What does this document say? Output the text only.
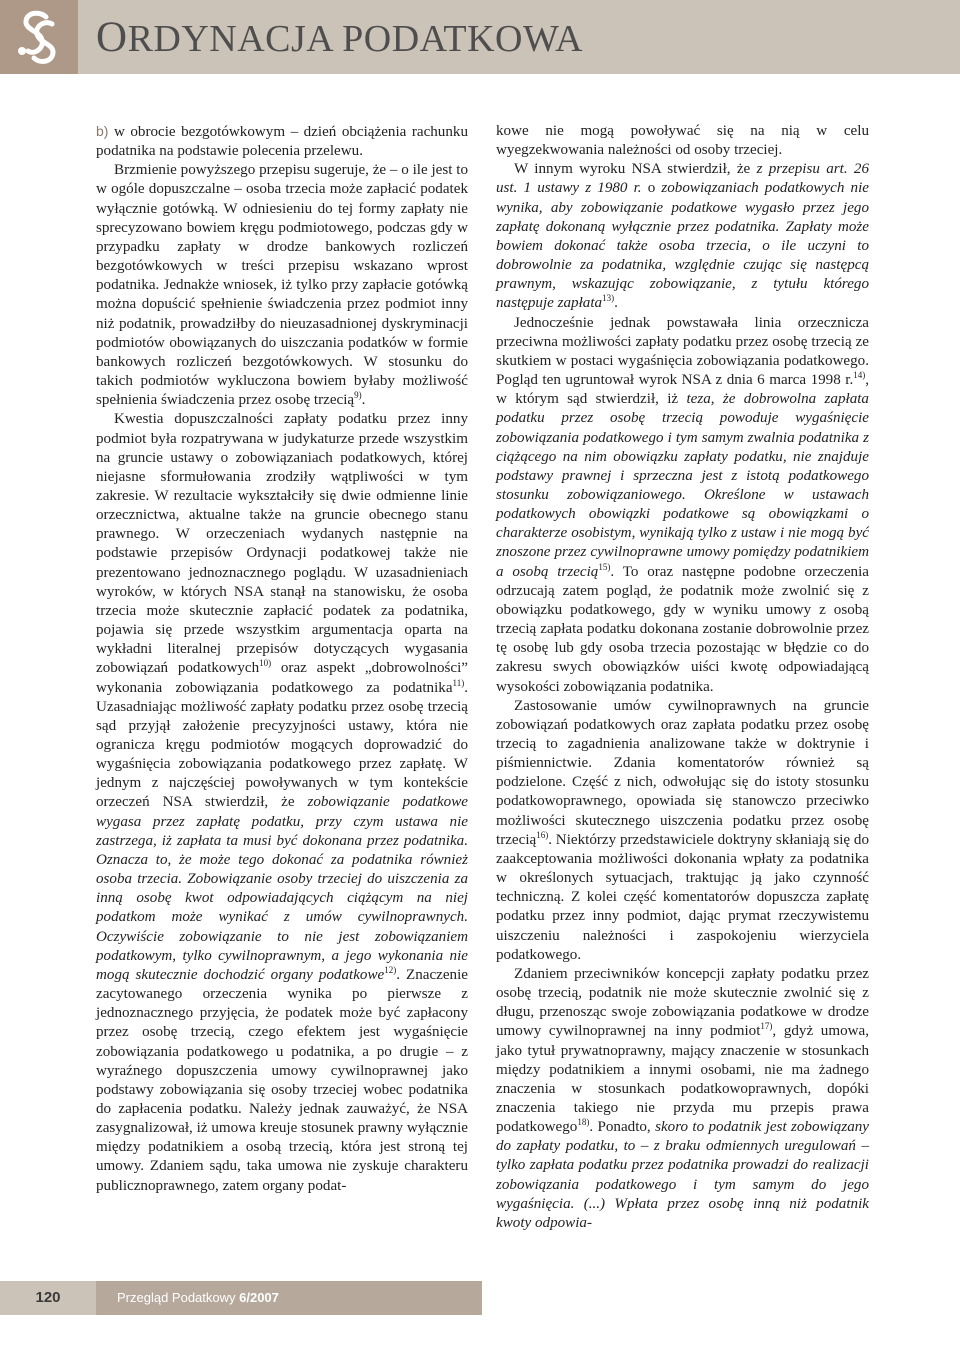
ORDYNACJA PODATKOWA

b) w obrocie bezgotówkowym – dzień obciążenia rachunku podatnika na podstawie polecenia przelewu.

Brzmienie powyższego przepisu sugeruje, że – o ile jest to w ogóle dopuszczalne – osoba trzecia może zapłacić podatek wyłącznie gotówką. W odniesieniu do tej formy zapłaty nie sprecyzowano bowiem kręgu podmiotowego, podczas gdy w przypadku zapłaty w drodze bankowych rozliczeń bezgotówkowych w treści przepisu wskazano wprost podatnika. Jednakże wniosek, iż tylko przy zapłacie gotówką można dopuścić spełnienie świadczenia przez podmiot inny niż podatnik, prowadziłby do nieuzasadnionej dyskryminacji podmiotów obowiązanych do uiszczania podatków w formie bankowych rozliczeń bezgotówkowych. W stosunku do takich podmiotów wykluczona bowiem byłaby możliwość spełnienia świadczenia przez osobę trzecią$^{9)}$.

Kwestia dopuszczalności zapłaty podatku przez inny podmiot była rozpatrywana w judykaturze przede wszystkim na gruncie ustawy o zobowiązaniach podatkowych, której niejasne sformułowania zrodziły wątpliwości w tym zakresie. W rezultacie wykształciły się dwie odmienne linie orzecznictwa, aktualne także na gruncie obecnego stanu prawnego. W orzeczeniach wydanych następnie na podstawie przepisów Ordynacji podatkowej także nie prezentowano jednoznacznego poglądu. W uzasadnieniach wyroków, w których NSA stanął na stanowisku, że osoba trzecia może skutecznie zapłacić podatek za podatnika, pojawia się przede wszystkim argumentacja oparta na wykładni literalnej przepisów dotyczących wygasania zobowiązań podatkowych$^{10)}$ oraz aspekt „dobrowolności” wykonania zobowiązania podatkowego za podatnika$^{11)}$. Uzasadniając możliwość zapłaty podatku przez osobę trzecią sąd przyjął założenie precyzyjności ustawy, która nie ogranicza kręgu podmiotów mogących doprowadzić do wygaśnięcia zobowiązania podatkowego przez zapłatę. W jednym z najczęściej powoływanych w tym kontekście orzeczeń NSA stwierdził, że zobowiązanie podatkowe wygasa przez zapłatę podatku, przy czym ustawa nie zastrzega, iż zapłata ta musi być dokonana przez podatnika. Oznacza to, że może tego dokonać za podatnika również osoba trzecia. Zobowiązanie osoby trzeciej do uiszczenia za inną osobę kwot odpowiadających ciążącym na niej podatkom może wynikać z umów cywilnoprawnych. Oczywiście zobowiązanie to nie jest zobowiązaniem podatkowym, tylko cywilnoprawnym, a jego wykonania nie mogą skutecznie dochodzić organy podatkowe$^{12)}$. Znaczenie zacytowanego orzeczenia wynika po pierwsze z jednoznacznego przyjęcia, że podatek może być zapłacony przez osobę trzecią, czego efektem jest wygaśnięcie zobowiązania podatkowego u podatnika, a po drugie – z wyraźnego dopuszczenia umowy cywilnoprawnej jako podstawy zobowiązania się osoby trzeciej wobec podatnika do zapłacenia podatku. Należy jednak zauważyć, że NSA zasygnalizował, iż umowa kreuje stosunek prawny wyłącznie między podatnikiem a osobą trzecią, która jest stroną tej umowy. Zdaniem sądu, taka umowa nie zyskuje charakteru publicznoprawnego, zatem organy podat-

kowe nie mogą powoływać się na nią w celu wyegzekwowania należności od osoby trzeciej.

W innym wyroku NSA stwierdził, że z przepisu art. 26 ust. 1 ustawy z 1980 r. o zobowiązaniach podatkowych nie wynika, aby zobowiązanie podatkowe wygasło przez jego zapłatę dokonaną wyłącznie przez podatnika. Zapłaty może bowiem dokonać także osoba trzecia, o ile uczyni to dobrowolnie za podatnika, względnie czując się następcą prawnym, wskazując zobowiązanie, z tytułu którego następuje zapłata$^{13)}$.

Jednocześnie jednak powstawała linia orzecznicza przeciwna możliwości zapłaty podatku przez osobę trzecią ze skutkiem w postaci wygaśnięcia zobowiązania podatkowego. Pogląd ten ugruntował wyrok NSA z dnia 6 marca 1998 r.$^{14)}$, w którym sąd stwierdził, iż teza, że dobrowolna zapłata podatku przez osobę trzecią powoduje wygaśnięcie zobowiązania podatkowego i tym samym zwalnia podatnika z ciążącego na nim obowiązku zapłaty podatku, nie znajduje podstawy prawnej i sprzeczna jest z istotą podatkowego stosunku zobowiązaniowego. Określone w ustawach podatkowych obowiązki podatkowe są obowiązkami o charakterze osobistym, wynikają tylko z ustaw i nie mogą być znoszone przez cywilnoprawne umowy pomiędzy podatnikiem a osobą trzecią$^{15)}$. To oraz następne podobne orzeczenia odrzucają zatem pogląd, że podatnik może zwolnić się z obowiązku podatkowego, gdy w wyniku umowy z osobą trzecią zapłata podatku dokonana zostanie dobrowolnie przez tę osobę lub gdy osoba trzecia pozostając w błędzie co do zakresu swych obowiązków uiści kwotę odpowiadającą wysokości zobowiązania podatnika.

Zastosowanie umów cywilnoprawnych na gruncie zobowiązań podatkowych oraz zapłata podatku przez osobę trzecią to zagadnienia analizowane także w doktrynie i piśmiennictwie. Zdania komentatorów również są podzielone. Część z nich, odwołując się do istoty stosunku podatkowoprawnego, opowiada się stanowczo przeciwko możliwości skutecznego uiszczenia podatku przez osobę trzecią$^{16)}$. Niektórzy przedstawiciele doktryny skłaniają się do zaakceptowania możliwości dokonania wpłaty za podatnika w określonych sytuacjach, traktując ją jako czynność techniczną. Z kolei część komentatorów dopuszcza zapłatę podatku przez inny podmiot, dając prymat rzeczywistemu uiszczeniu należności i zaspokojeniu wierzyciela podatkowego.

Zdaniem przeciwników koncepcji zapłaty podatku przez osobę trzecią, podatnik nie może skutecznie zwolnić się z długu, przenosząc swoje zobowiązania podatkowe w drodze umowy cywilnoprawnej na inny podmiot$^{17)}$, gdyż umowa, jako tytuł prywatnoprawny, mający znaczenie w stosunkach między podatnikiem a innymi osobami, nie ma żadnego znaczenia w stosunkach podatkowoprawnych, dopóki znaczenia takiego nie przyda mu przepis prawa podatkowego$^{18)}$. Ponadto, skoro to podatnik jest zobowiązany do zapłaty podatku, to – z braku odmiennych uregulowań – tylko zapłata podatku przez podatnika prowadzi do realizacji zobowiązania podatkowego i tym samym do jego wygaśnięcia. (...) Wpłata przez osobę inną niż podatnik kwoty odpowia-

120	Przegląd Podatkowy 6/2007
